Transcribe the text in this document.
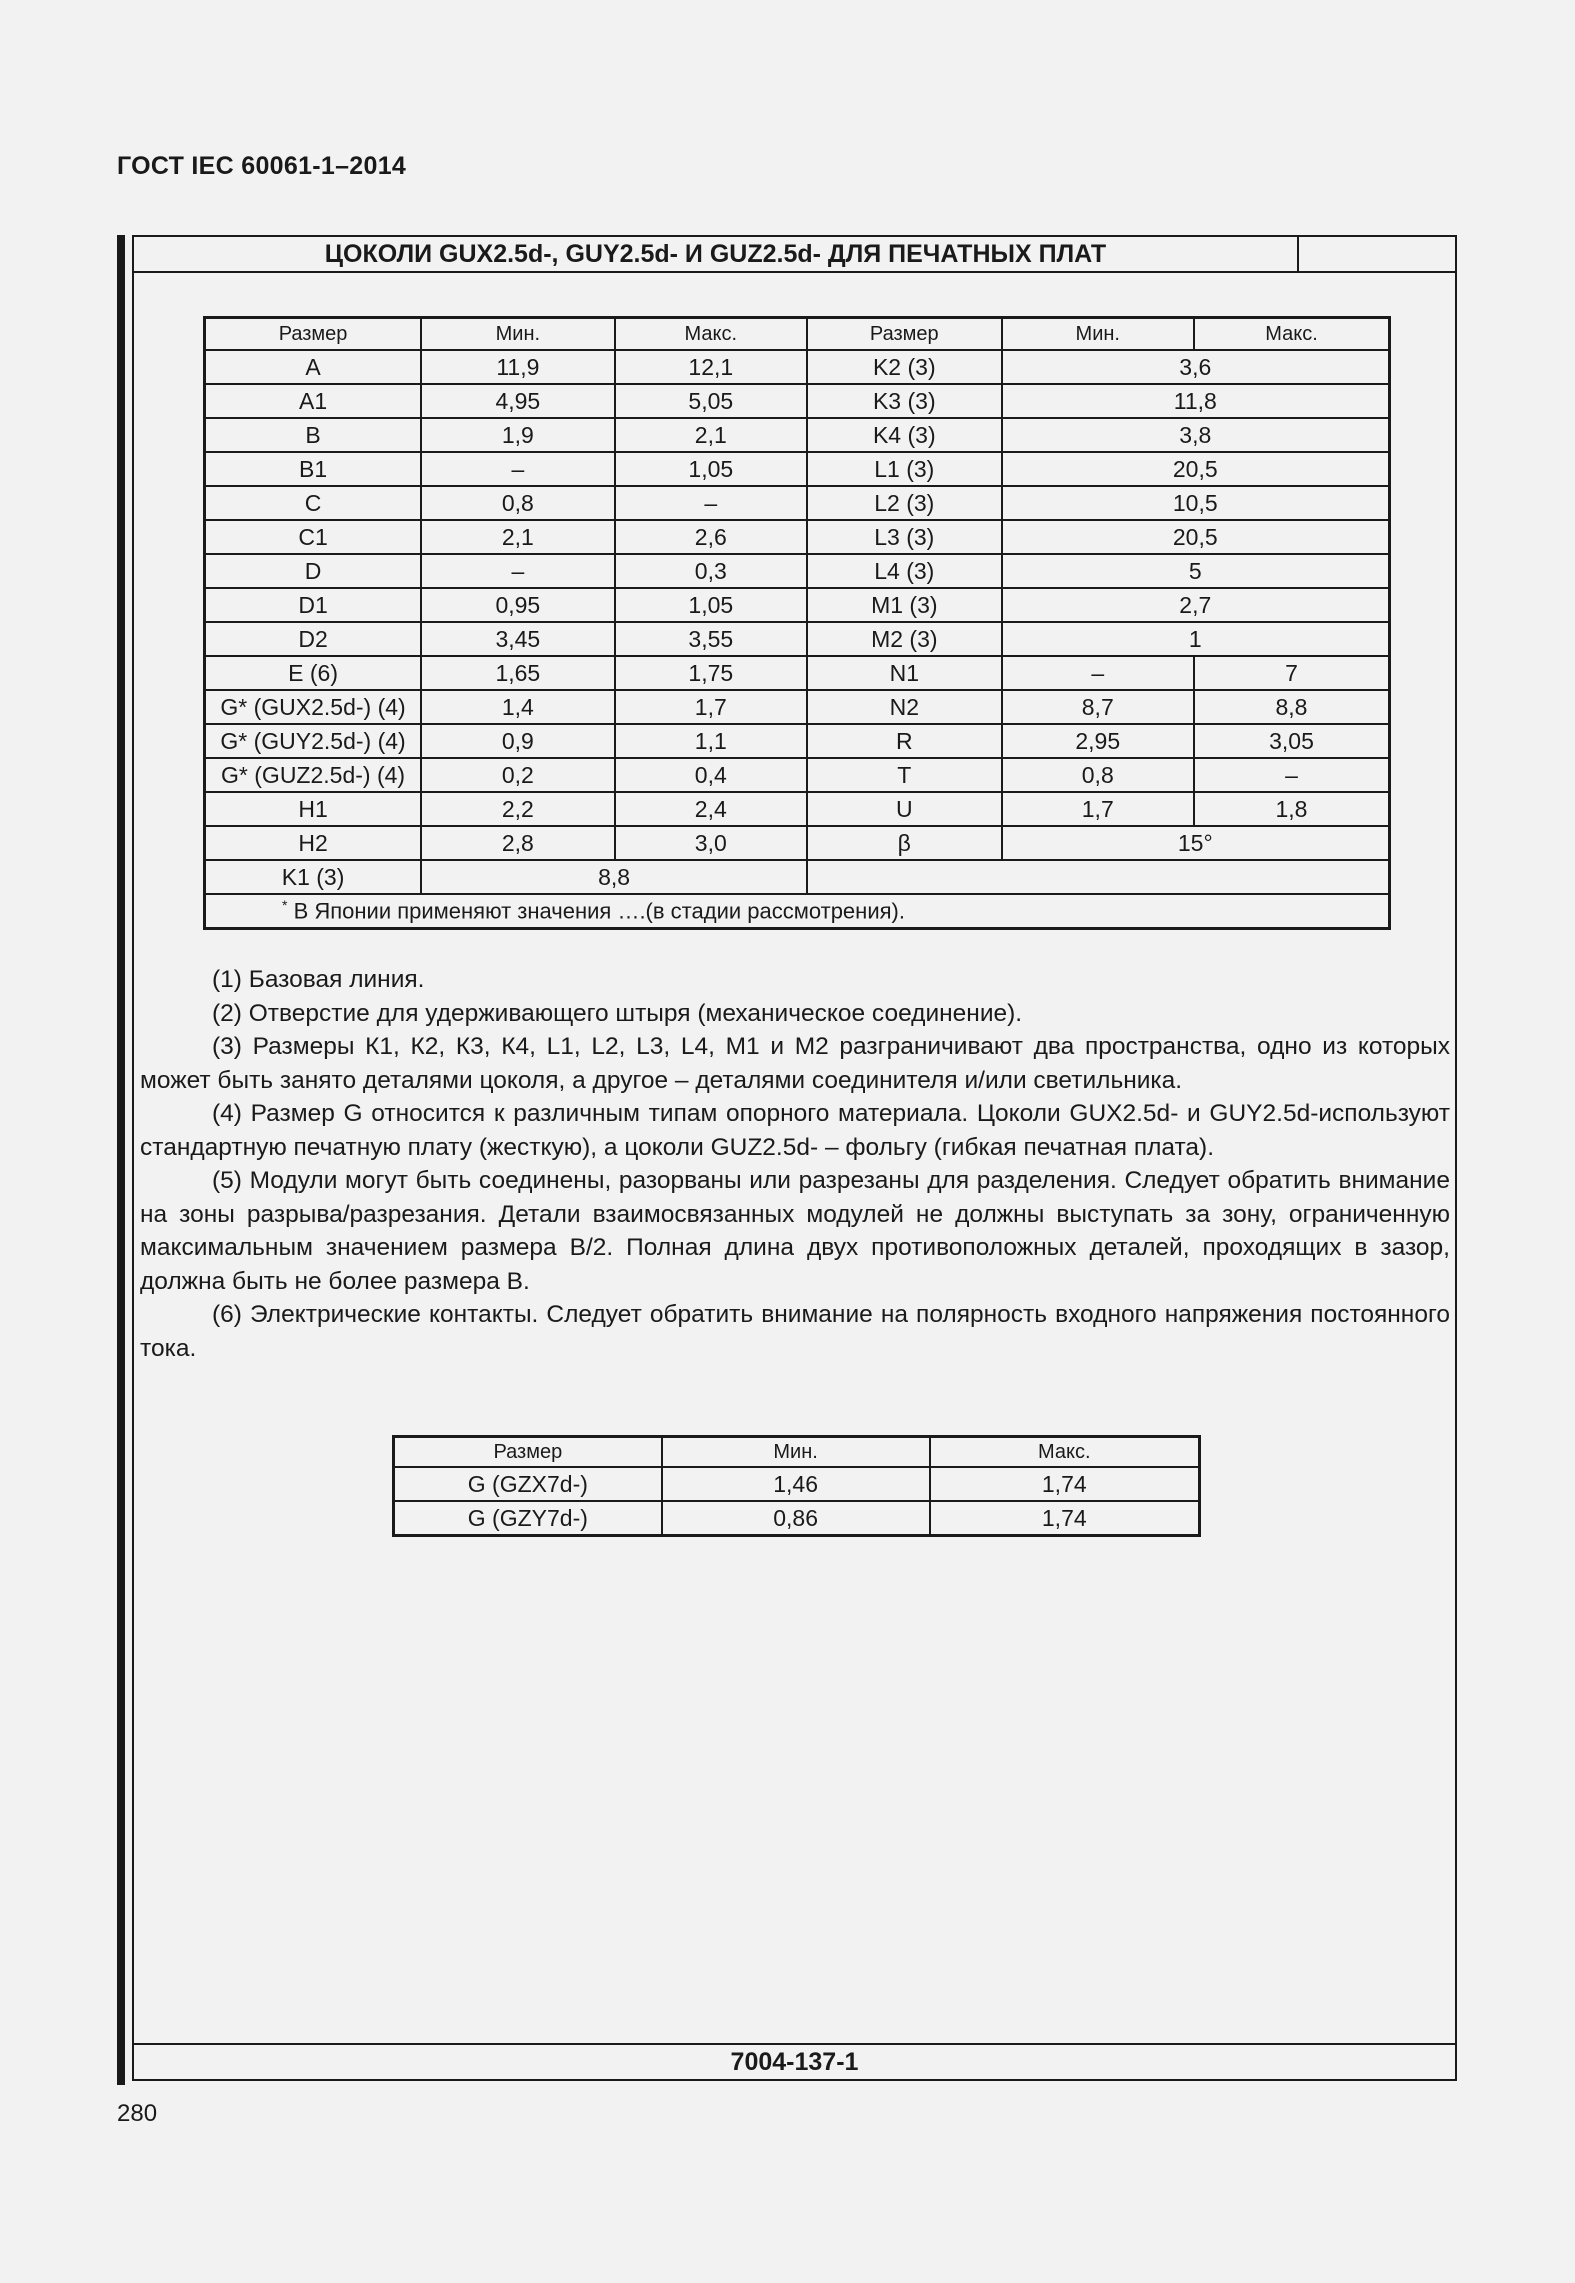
ГОСТ IEC 60061-1–2014
ЦОКОЛИ GUX2.5d-, GUY2.5d- И GUZ2.5d- ДЛЯ ПЕЧАТНЫХ ПЛАТ
Размер	Мин.	Макс.	Размер	Мин.	Макс.
A	11,9	12,1	K2 (3)	3,6	
A1	4,95	5,05	K3 (3)	11,8	
B	1,9	2,1	K4 (3)	3,8	
B1	–	1,05	L1 (3)	20,5	
C	0,8	–	L2 (3)	10,5	
C1	2,1	2,6	L3 (3)	20,5	
D	–	0,3	L4 (3)	5	
D1	0,95	1,05	M1 (3)	2,7	
D2	3,45	3,55	M2 (3)	1	
E (6)	1,65	1,75	N1	–	7
G* (GUX2.5d-) (4)	1,4	1,7	N2	8,7	8,8
G* (GUY2.5d-) (4)	0,9	1,1	R	2,95	3,05
G* (GUZ2.5d-) (4)	0,2	0,4	T	0,8	–
H1	2,2	2,4	U	1,7	1,8
H2	2,8	3,0	β	15°	
K1 (3)	8,8				
* В Японии применяют значения ….(в стадии рассмотрения).					

(1) Базовая линия.

(2) Отверстие для удерживающего штыря (механическое соединение).

(3) Размеры К1, К2, К3, К4, L1, L2, L3, L4, M1 и М2 разграничивают два пространства, одно из которых может быть занято деталями цоколя, а другое – деталями соединителя и/или светильника.

(4) Размер G относится к различным типам опорного материала. Цоколи GUX2.5d- и GUY2.5d-используют стандартную печатную плату (жесткую), а цоколи GUZ2.5d- – фольгу (гибкая печатная плата).

(5) Модули могут быть соединены, разорваны или разрезаны для разделения. Следует обратить внимание на зоны разрыва/разрезания. Детали взаимосвязанных модулей не должны выступать за зону, ограниченную максимальным значением размера В/2. Полная длина двух противоположных деталей, проходящих в зазор, должна быть не более размера В.

(6) Электрические контакты. Следует обратить внимание на полярность входного напряжения постоянного тока.

Размер	Мин.	Макс.
G (GZX7d-)	1,46	1,74
G (GZY7d-)	0,86	1,74
7004-137-1
280
